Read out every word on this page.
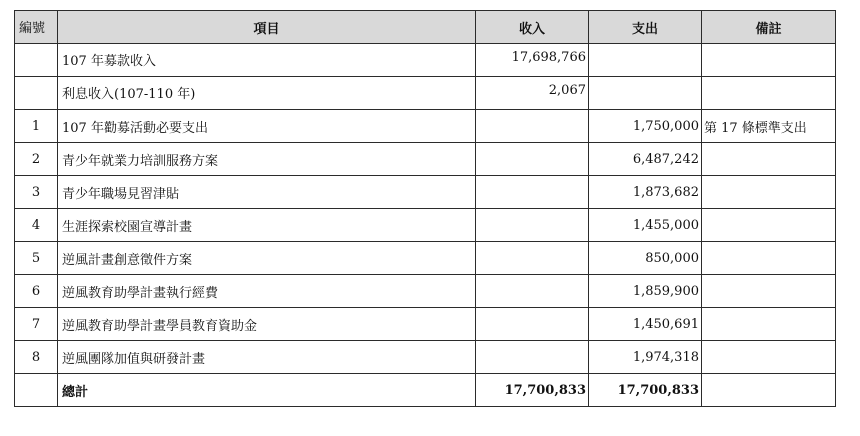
編號	項目	收入	支出	備註
	107 年募款收入	17,698,766		
	利息收入(107-110 年)	2,067		
1	107 年勸募活動必要支出		1,750,000	第 17 條標準支出
2	青少年就業力培訓服務方案		6,487,242	
3	青少年職場見習津貼		1,873,682	
4	生涯探索校園宣導計畫		1,455,000	
5	逆風計畫創意徵件方案		850,000	
6	逆風教育助學計畫執行經費		1,859,900	
7	逆風教育助學計畫學員教育資助金		1,450,691	
8	逆風團隊加值與研發計畫		1,974,318	
	總計	17,700,833	17,700,833	
